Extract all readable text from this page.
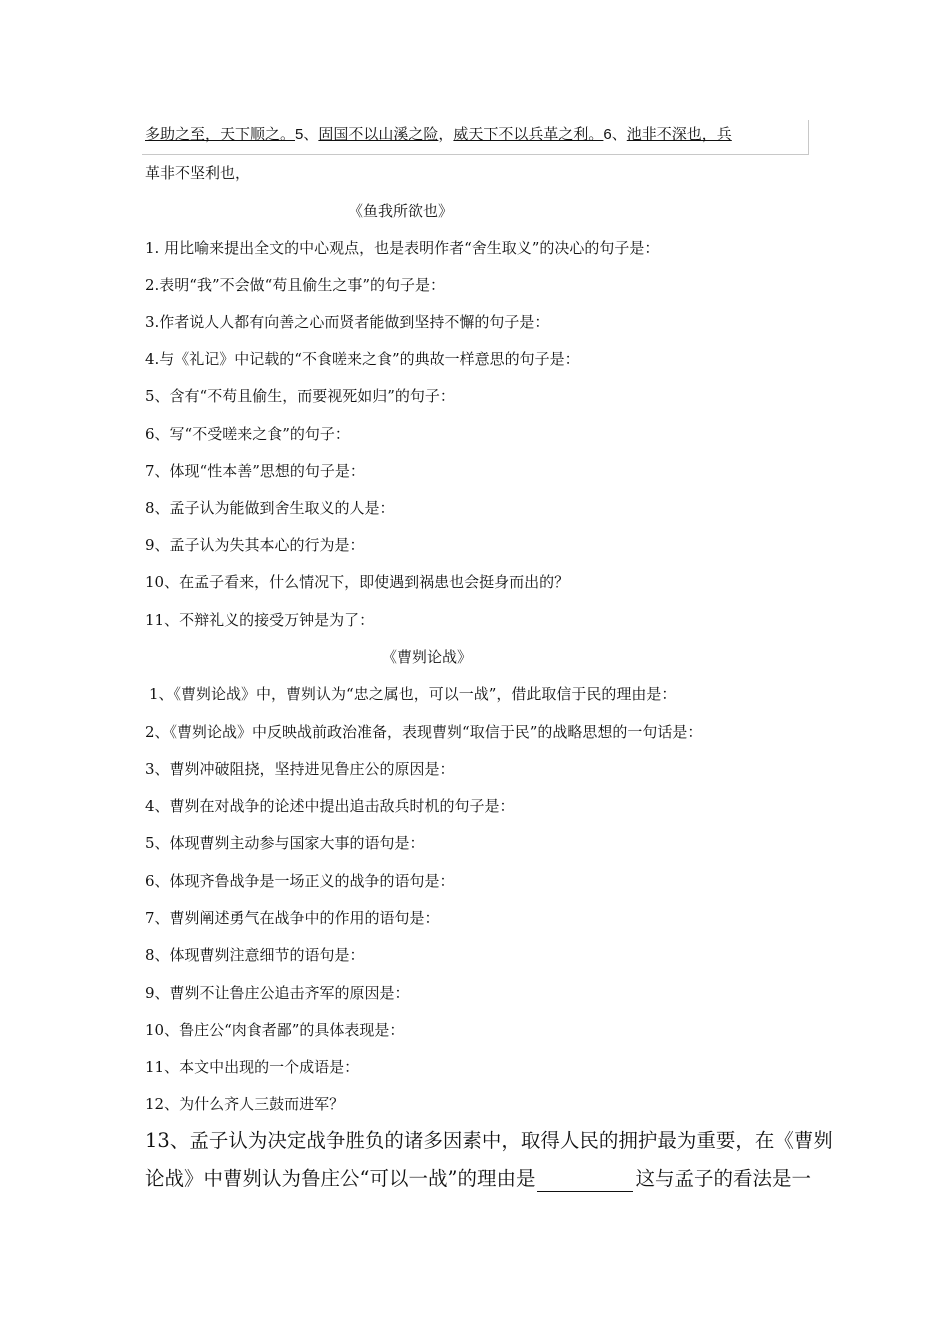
多助之至，天下顺之。5、固国不以山溪之险，威天下不以兵革之利。6、池非不深也，兵
革非不坚利也，
《鱼我所欲也》
1. 用比喻来提出全文的中心观点，也是表明作者“舍生取义”的决心的句子是：
2.表明“我”不会做“苟且偷生之事”的句子是：
3.作者说人人都有向善之心而贤者能做到坚持不懈的句子是：
4.与《礼记》中记载的“不食嗟来之食”的典故一样意思的句子是：
5、含有“不苟且偷生，而要视死如归”的句子：
6、写“不受嗟来之食”的句子：
7、体现“性本善”思想的句子是：
8、孟子认为能做到舍生取义的人是：
9、孟子认为失其本心的行为是：
10、在孟子看来，什么情况下，即使遇到祸患也会挺身而出的？
11、不辩礼义的接受万钟是为了：
《曹刿论战》
1、《曹刿论战》中，曹刿认为“忠之属也，可以一战”，借此取信于民的理由是：
2、《曹刿论战》中反映战前政治准备，表现曹刿“取信于民”的战略思想的一句话是：
3、曹刿冲破阻挠，坚持进见鲁庄公的原因是：
4、曹刿在对战争的论述中提出追击敌兵时机的句子是：
5、体现曹刿主动参与国家大事的语句是：
6、体现齐鲁战争是一场正义的战争的语句是：
7、曹刿阐述勇气在战争中的作用的语句是：
8、体现曹刿注意细节的语句是：
9、曹刿不让鲁庄公追击齐军的原因是：
10、鲁庄公“肉食者鄙”的具体表现是：
11、本文中出现的一个成语是：
12、为什么齐人三鼓而进军？
13、孟子认为决定战争胜负的诸多因素中，取得人民的拥护最为重要，在《曹刿
论战》中曹刿认为鲁庄公“可以一战”的理由是	这与孟子的看法是一
